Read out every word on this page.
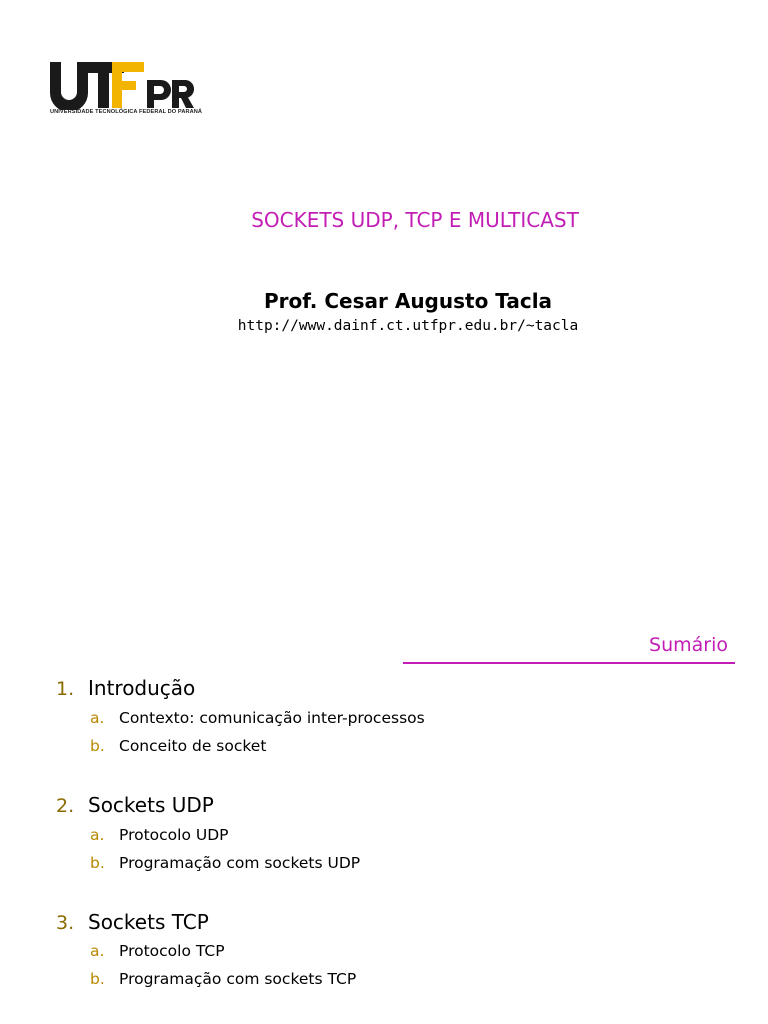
UNIVERSIDADE TECNOLÓGICA FEDERAL DO PARANÁ
SOCKETS UDP, TCP E MULTICAST
Prof. Cesar Augusto Tacla
http://www.dainf.ct.utfpr.edu.br/~tacla
Sumário
1. Introdução
a. Contexto: comunicação inter-processos
b. Conceito de socket
2. Sockets UDP
a. Protocolo UDP
b. Programação com sockets UDP
3. Sockets TCP
a. Protocolo TCP
b. Programação com sockets TCP
